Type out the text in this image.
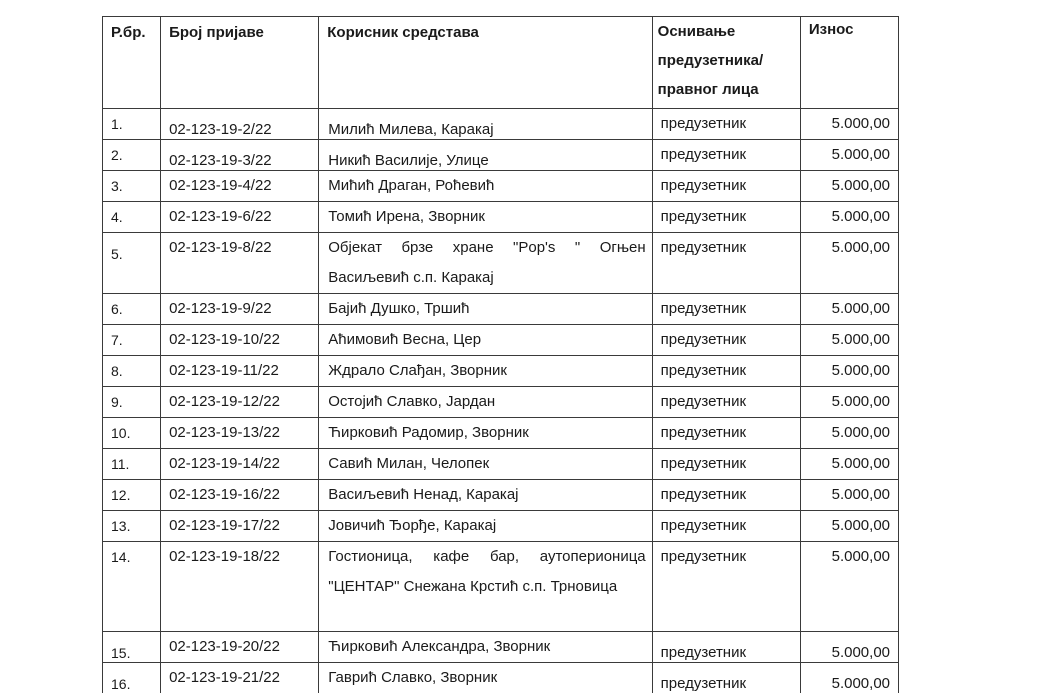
Р.бр.	Број пријаве	Корисник средстава	Оснивање предузетника/ правног лица	Износ
1.	02-123-19-2/22	Милић Милева, Каракај	предузетник	5.000,00
2.	02-123-19-3/22	Никић Василије, Улице	предузетник	5.000,00
3.	02-123-19-4/22	Мићић Драган, Роћевић	предузетник	5.000,00
4.	02-123-19-6/22	Томић Ирена, Зворник	предузетник	5.000,00
5.	02-123-19-8/22	Објекат брзе хране "Pop's " Огњен Васиљевић с.п. Каракај	предузетник	5.000,00
6.	02-123-19-9/22	Бајић Душко, Тршић	предузетник	5.000,00
7.	02-123-19-10/22	Аћимовић Весна, Цер	предузетник	5.000,00
8.	02-123-19-11/22	Ждрало Слађан, Зворник	предузетник	5.000,00
9.	02-123-19-12/22	Остојић Славко, Јардан	предузетник	5.000,00
10.	02-123-19-13/22	Ћирковић Радомир, Зворник	предузетник	5.000,00
11.	02-123-19-14/22	Савић Милан, Челопек	предузетник	5.000,00
12.	02-123-19-16/22	Васиљевић Ненад, Каракај	предузетник	5.000,00
13.	02-123-19-17/22	Јовичић Ђорђе, Каракај	предузетник	5.000,00
14.	02-123-19-18/22	Гостионица, кафе бар, аутоперионица "ЦЕНТАР" Снежана Крстић с.п. Трновица	предузетник	5.000,00
15.	02-123-19-20/22	Ћирковић Александра, Зворник	предузетник	5.000,00
16.	02-123-19-21/22	Гаврић Славко, Зворник	предузетник	5.000,00
